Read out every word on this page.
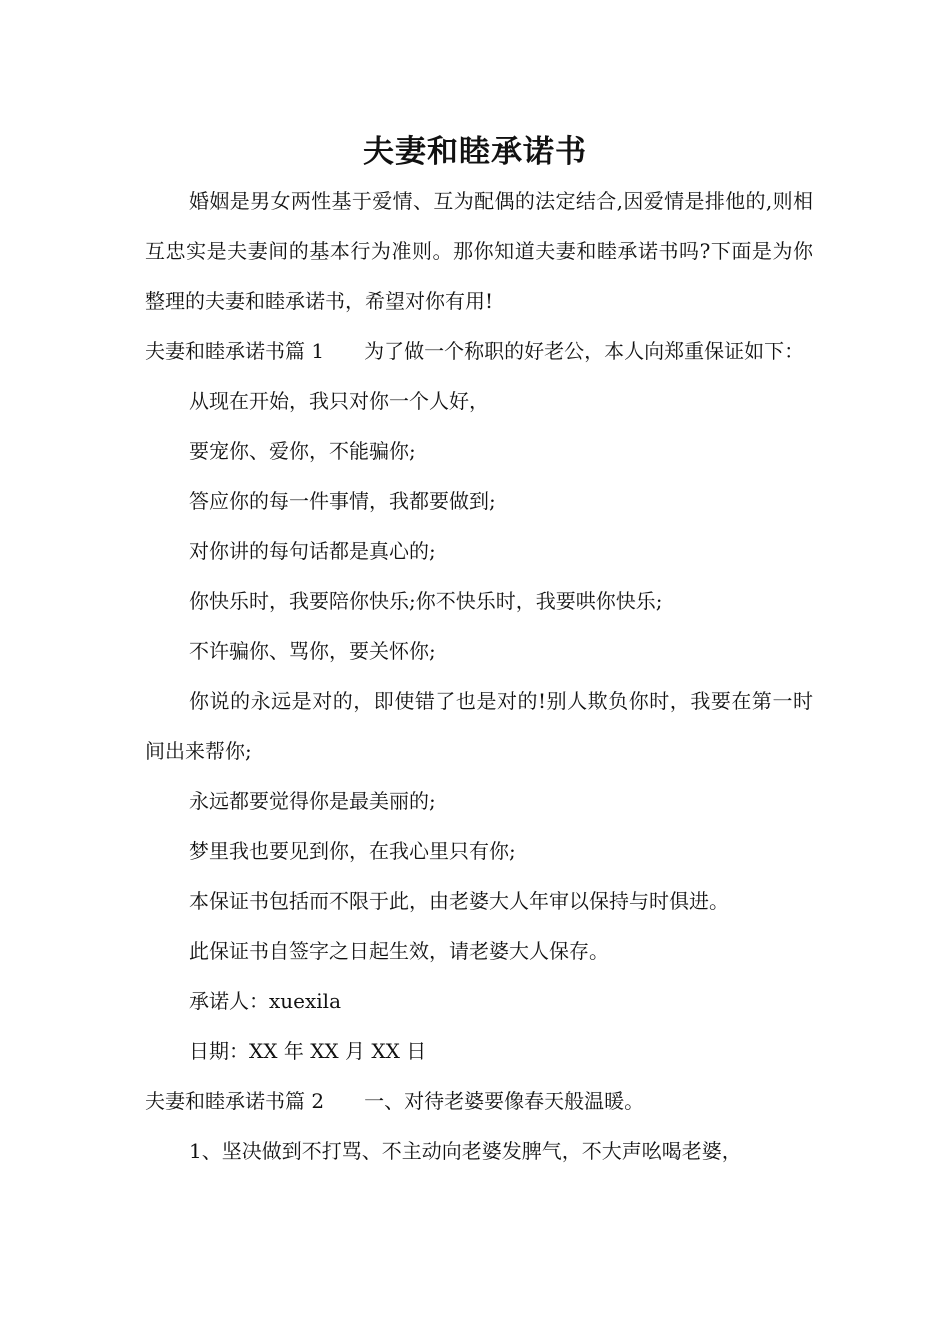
夫妻和睦承诺书

婚姻是男女两性基于爱情、互为配偶的法定结合,因爱情是排他的,则相互忠实是夫妻间的基本行为准则。那你知道夫妻和睦承诺书吗?下面是为你整理的夫妻和睦承诺书，希望对你有用!

夫妻和睦承诺书篇 1 为了做一个称职的好老公，本人向郑重保证如下：

从现在开始，我只对你一个人好，

要宠你、爱你，不能骗你;

答应你的每一件事情，我都要做到;

对你讲的每句话都是真心的;

你快乐时，我要陪你快乐;你不快乐时，我要哄你快乐;

不许骗你、骂你，要关怀你;

你说的永远是对的，即使错了也是对的!别人欺负你时，我要在第一时间出来帮你;

永远都要觉得你是最美丽的;

梦里我也要见到你，在我心里只有你;

本保证书包括而不限于此，由老婆大人年审以保持与时俱进。

此保证书自签字之日起生效，请老婆大人保存。

承诺人：xuexila

日期：XX 年 XX 月 XX 日

夫妻和睦承诺书篇 2 一、对待老婆要像春天般温暖。

1、坚决做到不打骂、不主动向老婆发脾气，不大声吆喝老婆，
